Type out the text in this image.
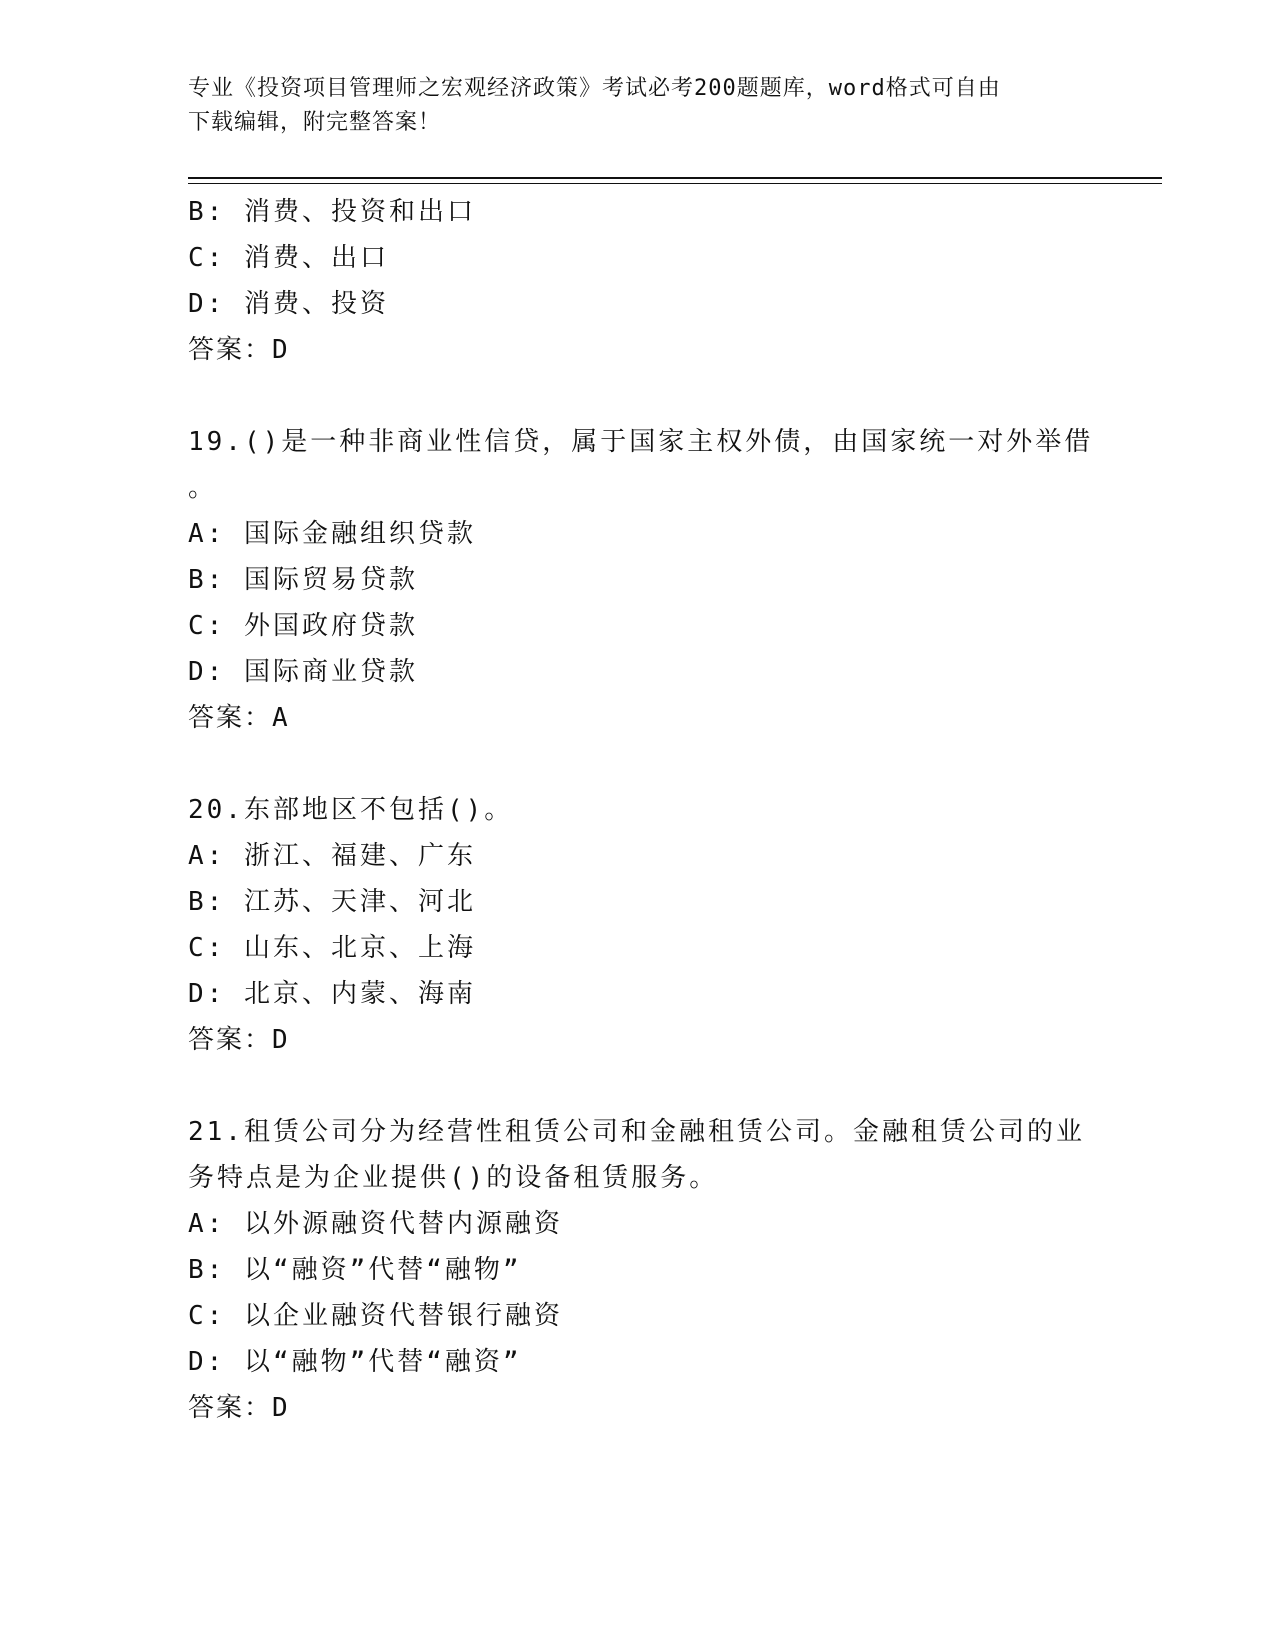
专业《投资项目管理师之宏观经济政策》考试必考200题题库，word格式可自由
下载编辑，附完整答案！
B: 消费、投资和出口
C: 消费、出口
D: 消费、投资
答案：D
19.()是一种非商业性信贷，属于国家主权外债，由国家统一对外举借
。
A: 国际金融组织贷款
B: 国际贸易贷款
C: 外国政府贷款
D: 国际商业贷款
答案：A
20.东部地区不包括()。
A: 浙江、福建、广东
B: 江苏、天津、河北
C: 山东、北京、上海
D: 北京、内蒙、海南
答案：D
21.租赁公司分为经营性租赁公司和金融租赁公司。金融租赁公司的业
务特点是为企业提供()的设备租赁服务。
A: 以外源融资代替内源融资
B: 以“融资”代替“融物”
C: 以企业融资代替银行融资
D: 以“融物”代替“融资”
答案：D
